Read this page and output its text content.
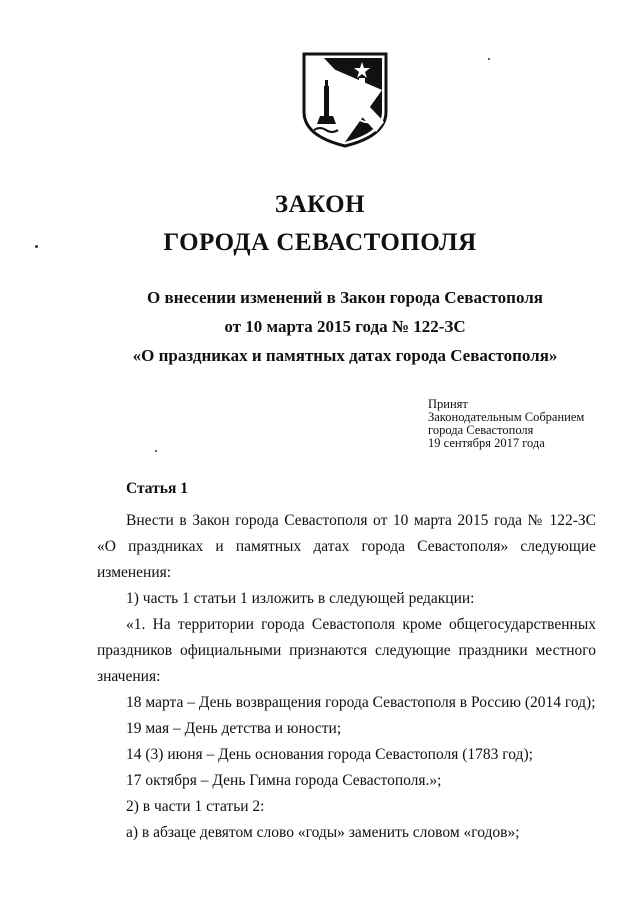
ЗАКОН
ГОРОДА СЕВАСТОПОЛЯ
О внесении изменений в Закон города Севастополя
от 10 марта 2015 года № 122-ЗС
«О праздниках и памятных датах города Севастополя»
Принят
Законодательным Собранием
города Севастополя
19 сентября 2017 года
Статья 1
Внести в Закон города Севастополя от 10 марта 2015 года № 122-ЗС
«О праздниках и памятных датах города Севастополя» следующие
изменения:
1) часть 1 статьи 1 изложить в следующей редакции:
«1. На территории города Севастополя кроме общегосударственных
праздников официальными признаются следующие праздники местного
значения:
18 марта – День возвращения города Севастополя в Россию (2014 год);
19 мая – День детства и юности;
14 (3) июня – День основания города Севастополя (1783 год);
17 октября – День Гимна города Севастополя.»;
2) в части 1 статьи 2:
а) в абзаце девятом слово «годы» заменить словом «годов»;
